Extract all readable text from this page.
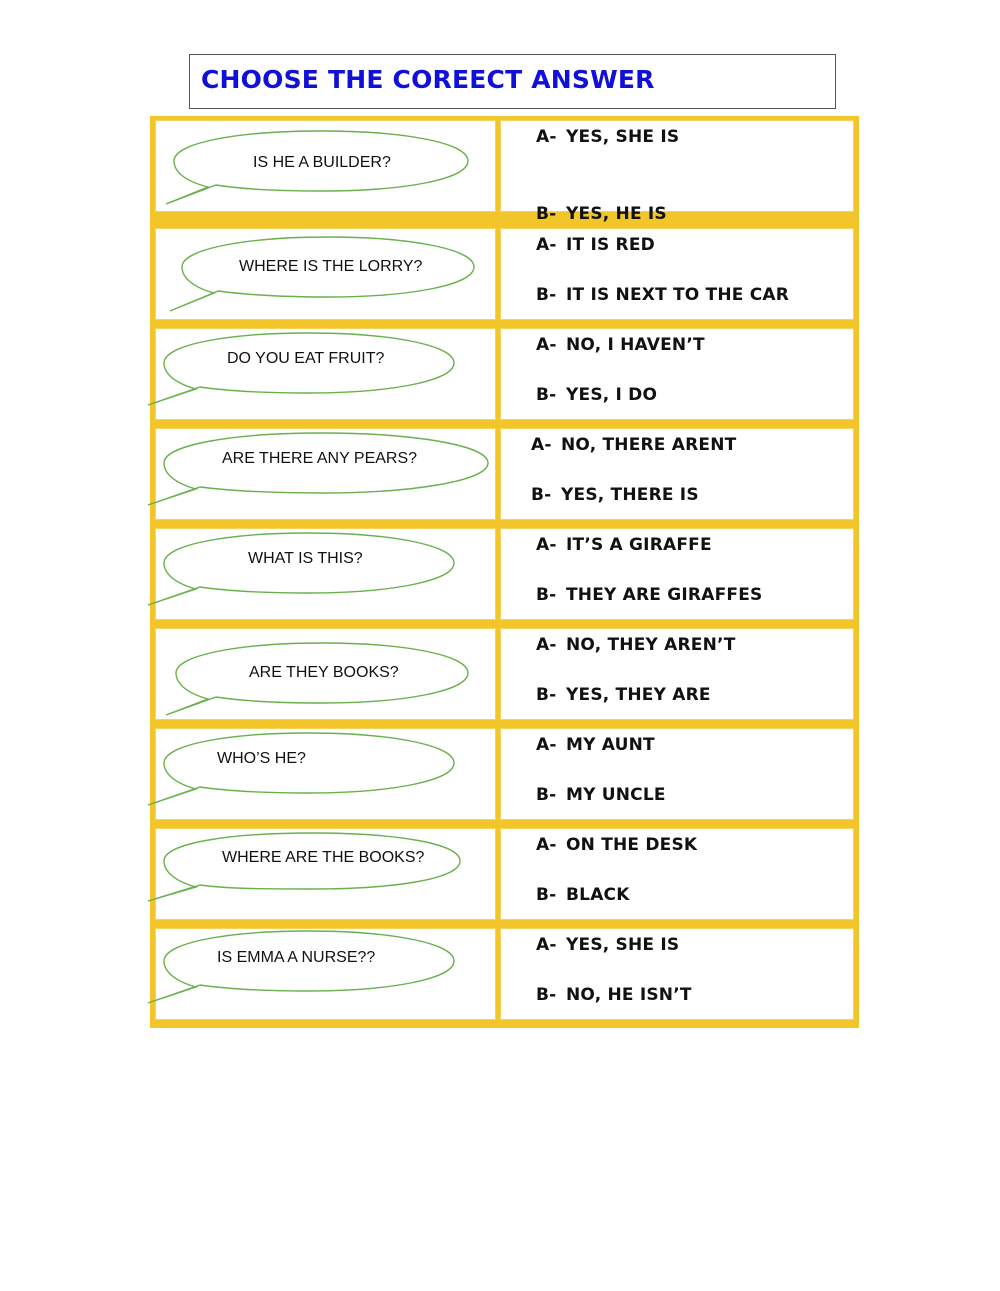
CHOOSE THE COREECT ANSWER
IS HE A BUILDER?
A- YES, SHE IS
B- YES, HE IS
WHERE IS THE LORRY?
A- IT IS RED
B- IT IS NEXT TO THE CAR
DO YOU EAT FRUIT?
A- NO, I HAVEN’T
B- YES, I DO
ARE THERE ANY PEARS?
A- NO, THERE ARENT
B- YES, THERE IS
WHAT IS THIS?
A- IT’S A GIRAFFE
B- THEY ARE GIRAFFES
ARE THEY BOOKS?
A- NO, THEY AREN’T
B- YES, THEY ARE
WHO’S HE?
A- MY AUNT
B- MY UNCLE
WHERE ARE THE BOOKS?
A- ON THE DESK
B- BLACK
IS EMMA A NURSE??
A- YES, SHE IS
B- NO, HE ISN’T
